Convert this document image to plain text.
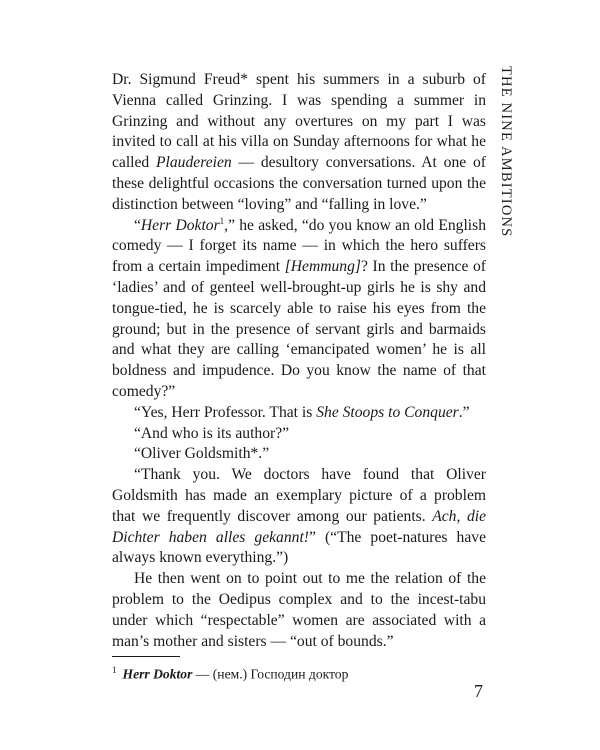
THE NINE AMBITIONS

Dr. Sigmund Freud* spent his summers in a suburb of Vienna called Grinzing. I was spending a summer in Grinzing and without any overtures on my part I was invited to call at his villa on Sunday afternoons for what he called Plaudereien — desultory conversations. At one of these delightful occasions the conversation turned upon the distinction between “loving” and “falling in love.”

“Herr Doktor$^1$,” he asked, “do you know an old English comedy — I forget its name — in which the hero suffers from a certain impediment [Hemmung]? In the presence of ‘ladies’ and of genteel well-brought-up girls he is shy and tongue-tied, he is scarcely able to raise his eyes from the ground; but in the presence of servant girls and barmaids and what they are calling ‘emancipated women’ he is all boldness and impudence. Do you know the name of that comedy?”

“Yes, Herr Professor. That is She Stoops to Conquer.”

“And who is its author?”

“Oliver Goldsmith*.”

“Thank you. We doctors have found that Oliver Goldsmith has made an exemplary picture of a problem that we frequently discover among our patients. Ach, die Dichter haben alles gekannt!” (“The poet-natures have always known everything.”)

He then went on to point out to me the relation of the problem to the Oedipus complex and to the incest-tabu under which “respectable” women are associated with a man’s mother and sisters — “out of bounds.”

$^1$ Herr Doktor — (нем.) Господин доктор
7
